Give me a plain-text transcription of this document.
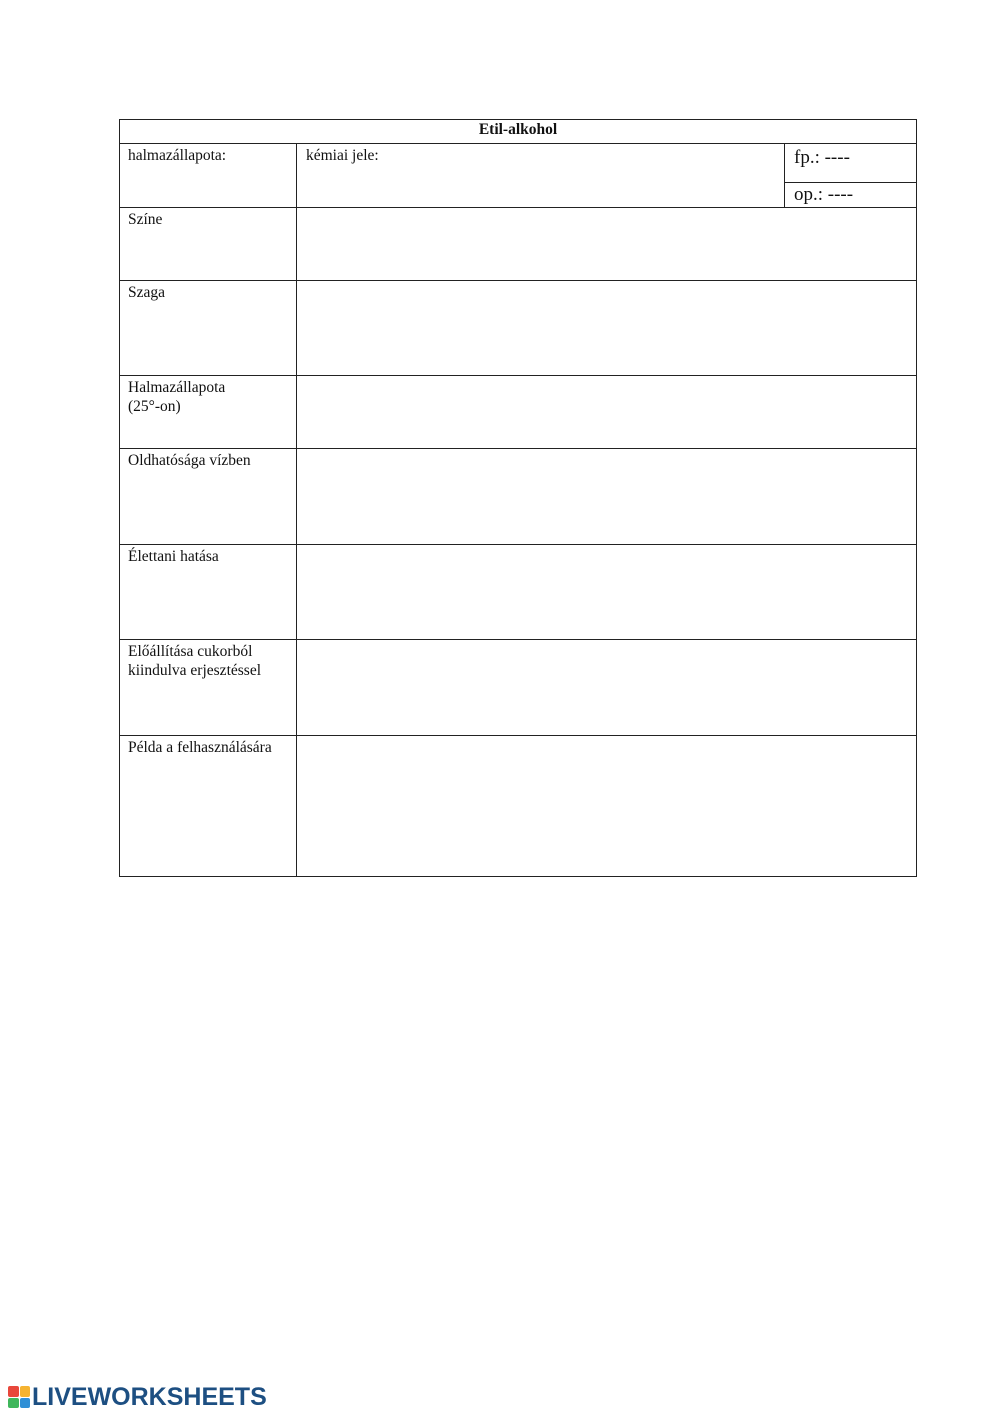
Etil-alkohol		
halmazállapota:	kémiai jele:	fp.: ----
		op.: ----
Színe		

Szaga		

Halmazállapota
(25°-on)		

Oldhatósága vízben		

Élettani hatása		

Előállítása cukorból
kiindulva erjesztéssel		

Példa a felhasználására		
LIVEWORKSHEETS
